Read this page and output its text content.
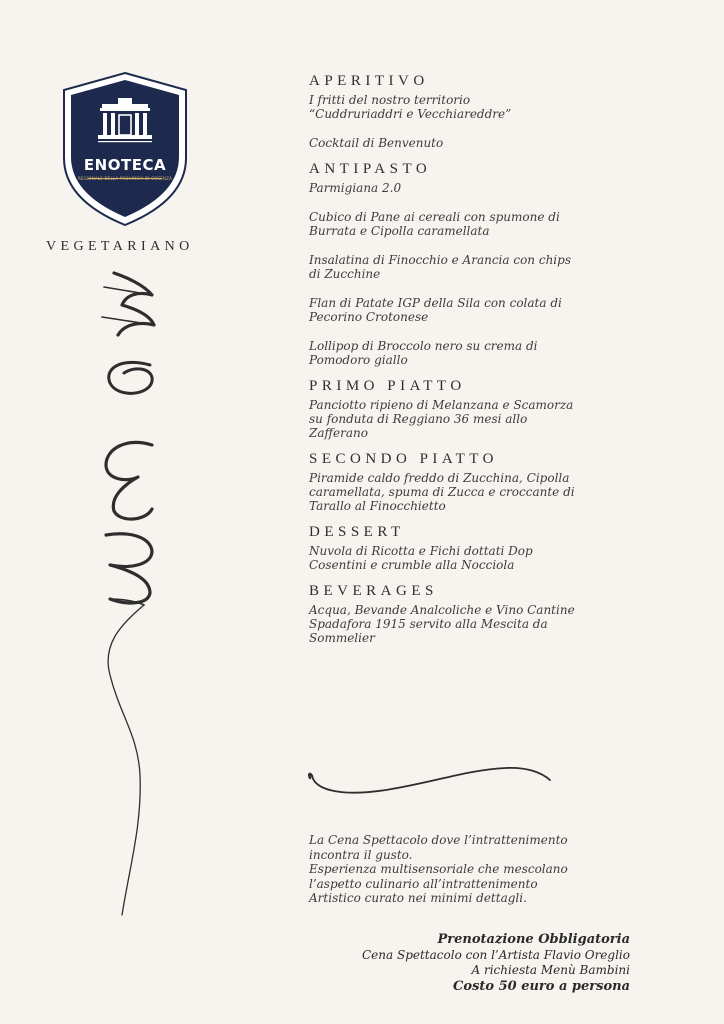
ENOTECA
REGIONALE DELLA PROVINCIA DI COSENZA
VEGETARIANO
APERITIVO
I fritti del nostro territorio
“Cuddruriaddri e Vecchiareddre”
Cocktail di Benvenuto
ANTIPASTO
Parmigiana 2.0
Cubico di Pane ai cereali con spumone di
Burrata e Cipolla caramellata
Insalatina di Finocchio e Arancia con chips
di Zucchine
Flan di Patate IGP della Sila con colata di
Pecorino Crotonese
Lollipop di Broccolo nero su crema di
Pomodoro giallo
PRIMO PIATTO
Panciotto ripieno di Melanzana e Scamorza
su fonduta di Reggiano 36 mesi allo
Zafferano
SECONDO PIATTO
Piramide caldo freddo di Zucchina, Cipolla
caramellata, spuma di Zucca e croccante di
Tarallo al Finocchietto
DESSERT
Nuvola di Ricotta e Fichi dottati Dop
Cosentini e crumble alla Nocciola
BEVERAGES
Acqua, Bevande Analcoliche e Vino Cantine
Spadafora 1915 servito alla Mescita da
Sommelier
La Cena Spettacolo dove l’intrattenimento
incontra il gusto.
Esperienza multisensoriale che mescolano
l’aspetto culinario all’intrattenimento
Artistico curato nei minimi dettagli.
Prenotazione Obbligatoria
Cena Spettacolo con l’Artista Flavio Oreglio
A richiesta Menù Bambini
Costo 50 euro a persona
